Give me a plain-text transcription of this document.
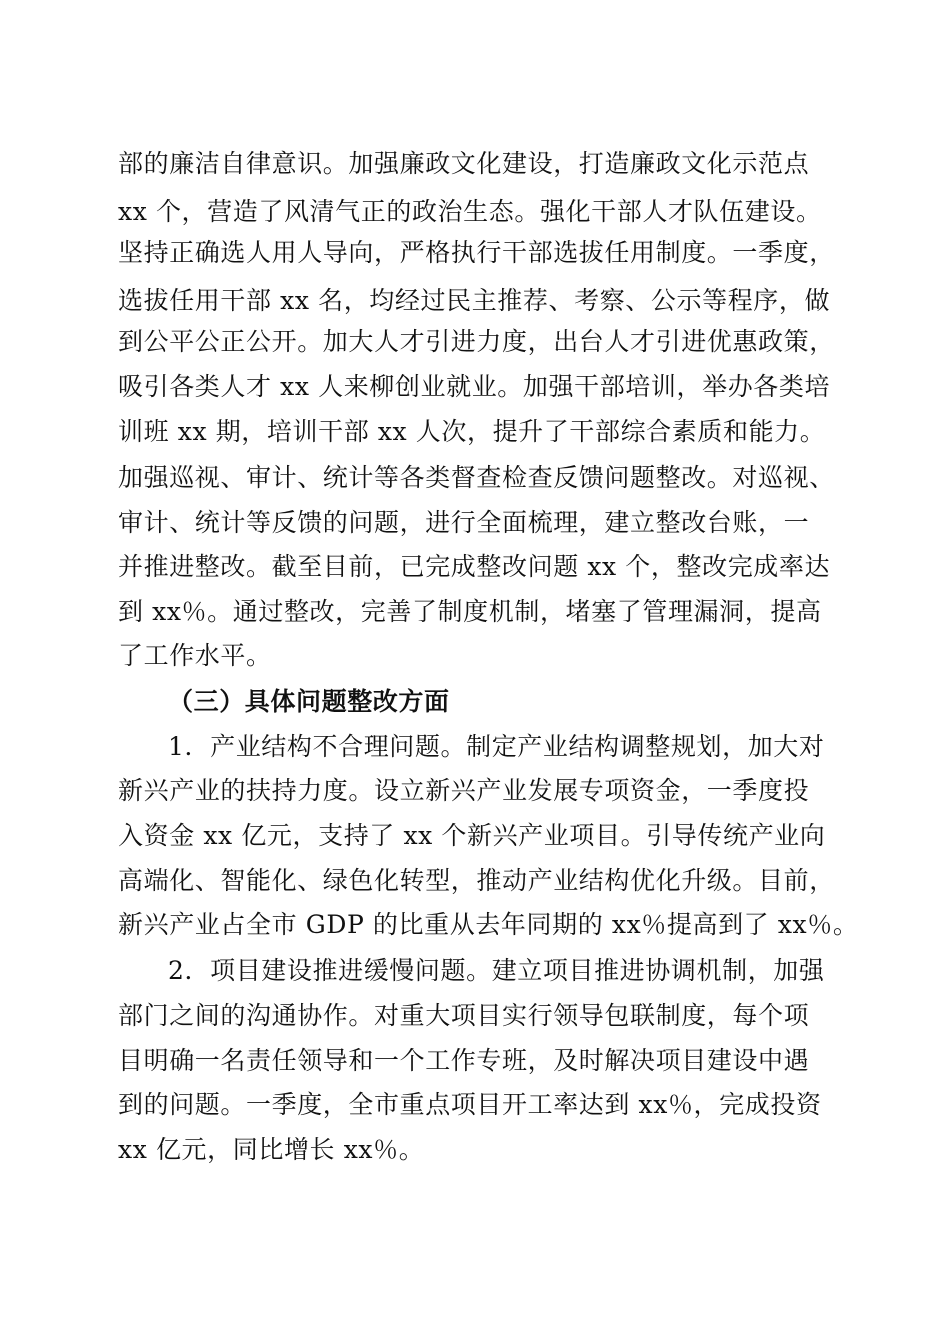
部的廉洁自律意识。加强廉政文化建设，打造廉政文化示范点

xx 个，营造了风清气正的政治生态。强化干部人才队伍建设。

坚持正确选人用人导向，严格执行干部选拔任用制度。一季度，

选拔任用干部 xx 名，均经过民主推荐、考察、公示等程序，做

到公平公正公开。加大人才引进力度，出台人才引进优惠政策，

吸引各类人才 xx 人来柳创业就业。加强干部培训，举办各类培

训班 xx 期，培训干部 xx 人次，提升了干部综合素质和能力。

加强巡视、审计、统计等各类督查检查反馈问题整改。对巡视、

审计、统计等反馈的问题，进行全面梳理，建立整改台账，一

并推进整改。截至目前，已完成整改问题 xx 个，整改完成率达

到 xx％。通过整改，完善了制度机制，堵塞了管理漏洞，提高

了工作水平。

（三）具体问题整改方面

1．产业结构不合理问题。制定产业结构调整规划，加大对

新兴产业的扶持力度。设立新兴产业发展专项资金，一季度投

入资金 xx 亿元，支持了 xx 个新兴产业项目。引导传统产业向

高端化、智能化、绿色化转型，推动产业结构优化升级。目前，

新兴产业占全市 GDP 的比重从去年同期的 xx％提高到了 xx％。

2．项目建设推进缓慢问题。建立项目推进协调机制，加强

部门之间的沟通协作。对重大项目实行领导包联制度，每个项

目明确一名责任领导和一个工作专班，及时解决项目建设中遇

到的问题。一季度，全市重点项目开工率达到 xx％，完成投资

xx 亿元，同比增长 xx％。
